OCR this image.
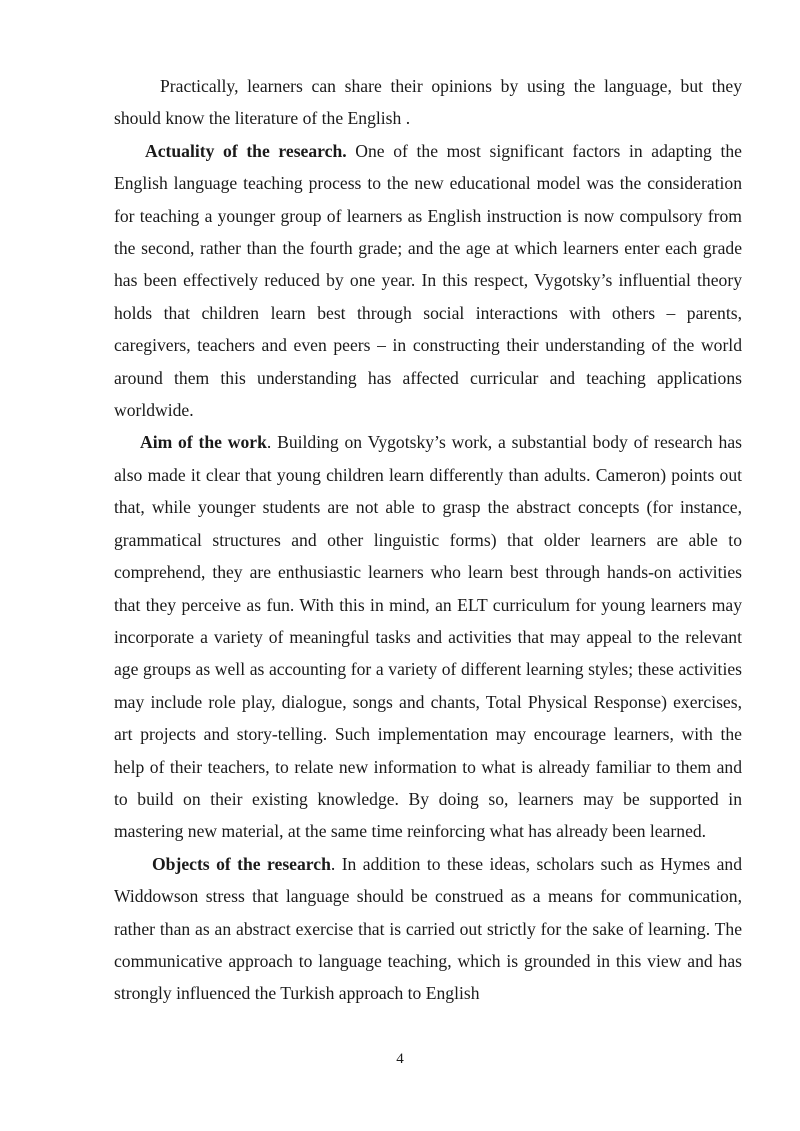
Practically, learners can share their opinions by using the language, but they should know the literature of the English .

Actuality of the research. One of the most significant factors in adapting the English language teaching process to the new educational model was the consideration for teaching a younger group of learners as English instruction is now compulsory from the second, rather than the fourth grade; and the age at which learners enter each grade has been effectively reduced by one year. In this respect, Vygotsky’s influential theory holds that children learn best through social interactions with others – parents, caregivers, teachers and even peers – in constructing their understanding of the world around them this understanding has affected curricular and teaching applications worldwide.

Aim of the work. Building on Vygotsky’s work, a substantial body of research has also made it clear that young children learn differently than adults. Cameron) points out that, while younger students are not able to grasp the abstract concepts (for instance, grammatical structures and other linguistic forms) that older learners are able to comprehend, they are enthusiastic learners who learn best through hands-on activities that they perceive as fun. With this in mind, an ELT curriculum for young learners may incorporate a variety of meaningful tasks and activities that may appeal to the relevant age groups as well as accounting for a variety of different learning styles; these activities may include role play, dialogue, songs and chants, Total Physical Response) exercises, art projects and story-telling. Such implementation may encourage learners, with the help of their teachers, to relate new information to what is already familiar to them and to build on their existing knowledge. By doing so, learners may be supported in mastering new material, at the same time reinforcing what has already been learned.

Objects of the research. In addition to these ideas, scholars such as Hymes and Widdowson stress that language should be construed as a means for communication, rather than as an abstract exercise that is carried out strictly for the sake of learning. The communicative approach to language teaching, which is grounded in this view and has strongly influenced the Turkish approach to English

4
